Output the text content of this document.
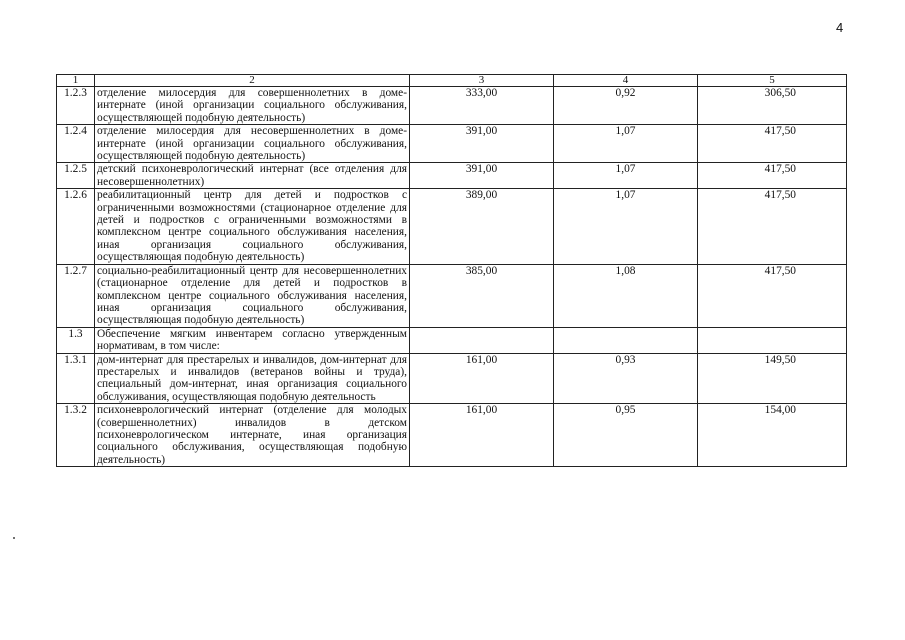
4
1	2	3	4	5
1.2.3	отделение милосердия для совершеннолетних в доме-интернате (иной организации социального обслуживания, осуществляющей подобную деятельность)	333,00	0,92	306,50
1.2.4	отделение милосердия для несовершеннолетних в доме-интернате (иной организации социального обслуживания, осуществляющей подобную деятельность)	391,00	1,07	417,50
1.2.5	детский психоневрологический интернат (все отделения для несовершеннолетних)	391,00	1,07	417,50
1.2.6	реабилитационный центр для детей и подростков с ограниченными возможностями (стационарное отделение для детей и подростков с ограниченными возможностями в комплексном центре социального обслуживания населения, иная организация социального обслуживания, осуществляющая подобную деятельность)	389,00	1,07	417,50
1.2.7	социально-реабилитационный центр для несовершеннолетних (стационарное отделение для детей и подростков в комплексном центре социального обслуживания населения, иная организация социального обслуживания, осуществляющая подобную деятельность)	385,00	1,08	417,50
1.3	Обеспечение мягким инвентарем согласно утвержденным нормативам, в том числе:			
1.3.1	дом-интернат для престарелых и инвалидов, дом-интернат для престарелых и инвалидов (ветеранов войны и труда), специальный дом-интернат, иная организация социального обслуживания, осуществляющая подобную деятельность	161,00	0,93	149,50
1.3.2	психоневрологический интернат (отделение для молодых (совершеннолетних) инвалидов в детском психоневрологическом интернате, иная организация социального обслуживания, осуществляющая подобную деятельность)	161,00	0,95	154,00
